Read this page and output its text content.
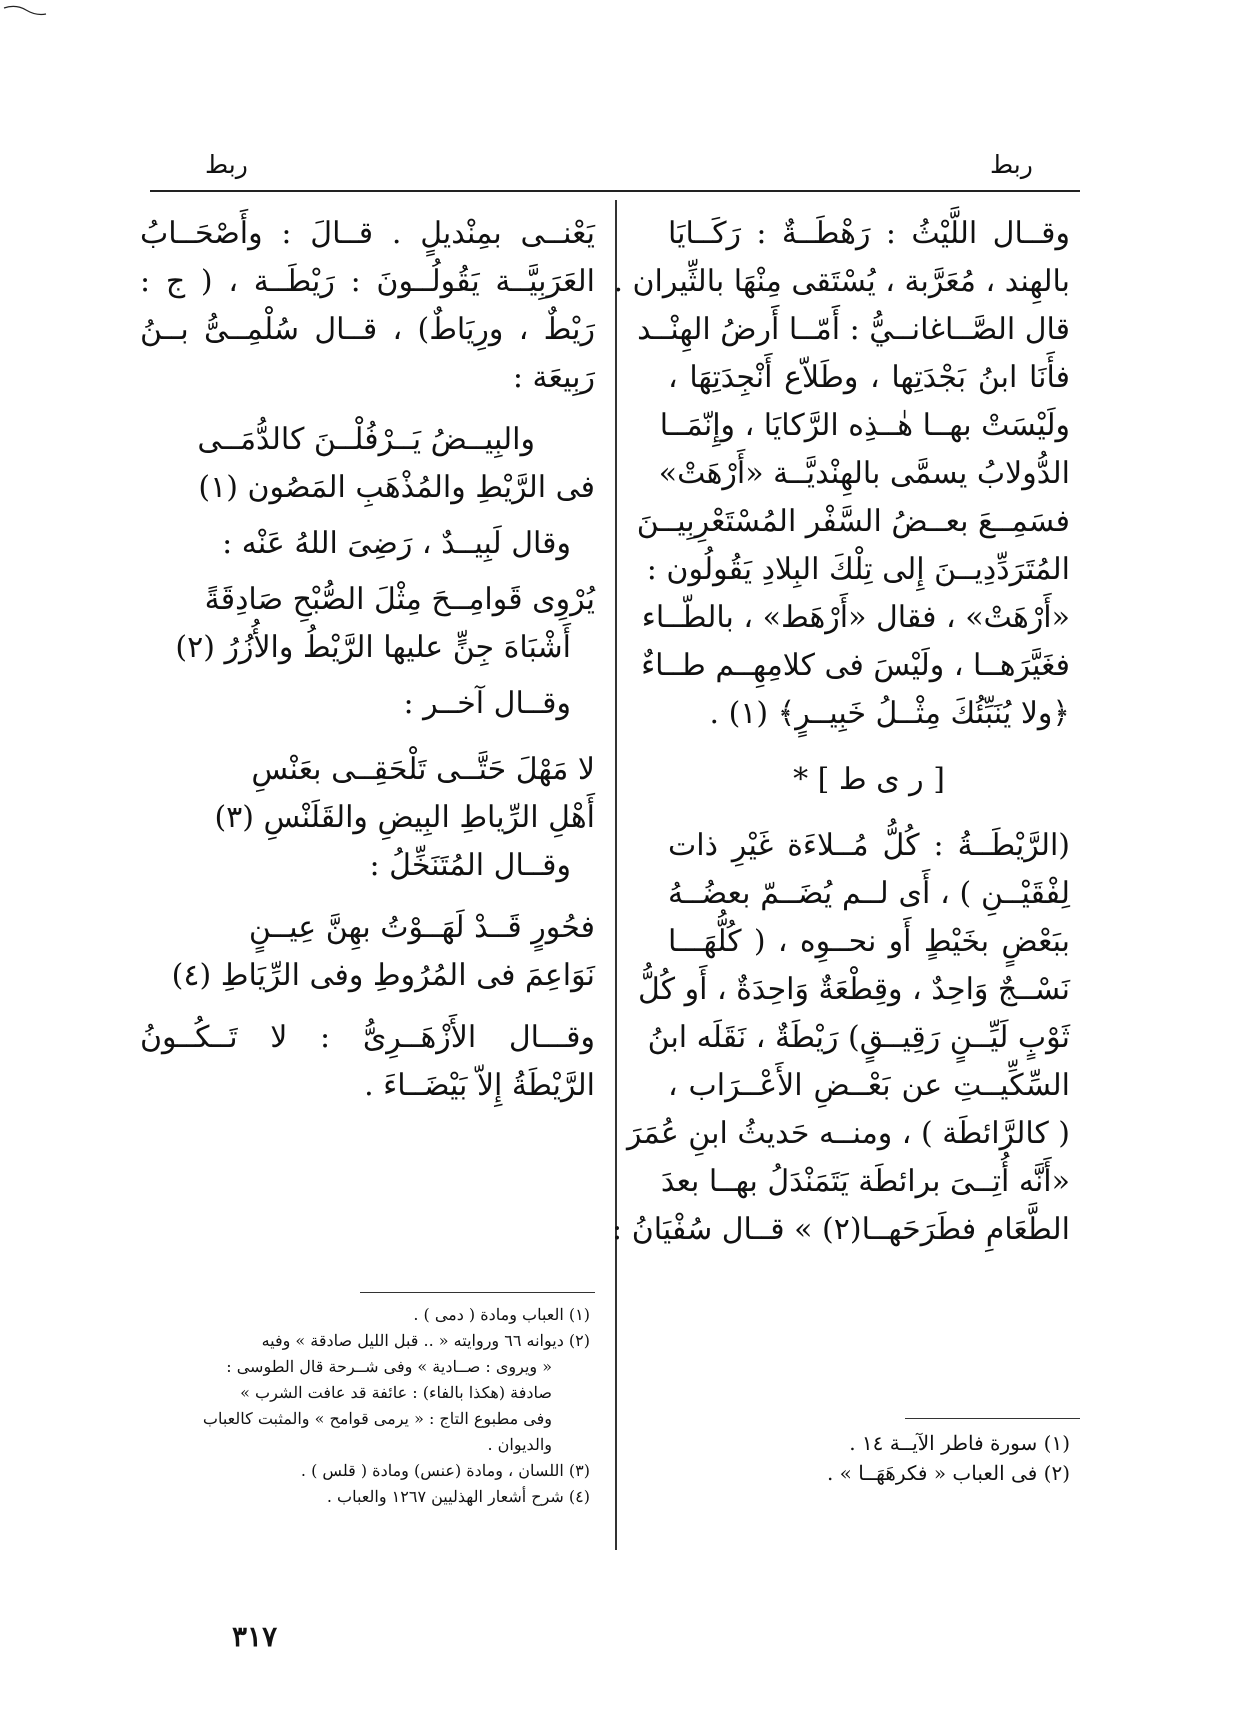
ربط
ربط
وقــال اللَّيْثُ : رَهْطَــةٌ : رَكَــايَا
بالهِند ، مُعَرَّبة ، يُسْتَقى مِنْهَا بالثِّيران .
قال الصَّــاغانــيُّ : أَمّــا أَرضُ الهِنْــد
فأَنَا ابنُ بَجْدَتِها ، وطَلاّع أَنْجِدَتِهَا ،
ولَيْسَتْ بهــا هٰــذِه الرَّكايَا ، وإِنّمَــا
الدُّولابُ يسمَّى بالهِنْديَّــة «أَرْهَتْ»
فسَمِــعَ بعــضُ السَّفْر المُسْتَعْرِبِيــنَ
المُتَرَدِّدِيــنَ إِلى تِلْكَ البِلادِ يَقُولُون :
«أَرْهَتْ» ، فقال «أَرْهَط» ، بالطّــاء
فغَيَّرَهــا ، ولَيْسَ فى كلامِهِــم طــاءٌ
﴿ولا يُنَبِّئُكَ مِثْــلُ خَبِيــرٍ﴾ (١) .
[ ر ى ط ] *
(الرَّيْطَــةُ : كُلُّ مُــلاءَة غَيْرِ ذات
لِفْقَيْــنِ ) ، أَى لــم يُضَــمّ بعضُــهُ
ببَعْضٍ بخَيْطٍ أَو نحــوِه ، ( كُلُّهَـــا
نَسْــجٌ وَاحِدٌ ، وقِطْعَةٌ وَاحِدَةٌ ، أَو كُلُّ
ثَوْبٍ لَيِّــنٍ رَقِيــقٍ) رَيْطَةٌ ، نَقَلَه ابنُ
السِّكِّيــتِ عن بَعْــضِ الأَعْــرَاب ،
( كالرَّائطَة ) ، ومنــه حَديثُ ابنِ عُمَرَ
«أَنَّه أُتِــىَ برائطَة يَتَمَنْدَلُ بهــا بعدَ
الطَّعَامِ فطَرَحَهــا(٢) » قــال سُفْيَانُ :
يَعْنــى بمِنْديلٍ . قــالَ : وأَصْحَــابُ
العَرَبِيَّــة يَقُولُــونَ : رَيْطَــة ، ( ج :
رَيْطٌ ، ورِيَاطٌ) ، قــال سُلْمِــىُّ بــنُ
رَبِيعَة :
والبِيــضُ يَــرْفُلْــنَ كالدُّمَــى
فى الرَّيْطِ والمُذْهَبِ المَصُون (١)
وقال لَبِيــدٌ ، رَضِىَ اللهُ عَنْه :
يُرْوِى قَوامِــحَ مِثْلَ الصُّبْحِ صَادِقَةً
أَشْبَاهَ جِنٍّ عليها الرَّيْطُ والأُزُرُ (٢)
وقــال آخــر :
لا مَهْلَ حَتَّــى تَلْحَقِــى بعَنْسِ
أَهْلِ الرِّياطِ البِيضِ والقَلَنْسِ (٣)
وقــال المُتَنَخِّلُ :
فحُورٍ قَــدْ لَهَــوْتُ بهِنَّ عِيــنٍ
نَوَاعِمَ فى المُرُوطِ وفى الرِّيَاطِ (٤)
وقـــال الأَزْهَــرِىُّ : لا تَــكُــونُ
الرَّيْطَةُ إِلاّ بَيْضَــاءَ .
(١) العباب ومادة ( دمى ) .
(٢) ديوانه ٦٦ وروايته « .. قبل الليل صادقة » وفيه
« ويروى : صــادية » وفى شــرحة قال الطوسى :
صادفة (هكذا بالفاء) : عائفة قد عافت الشرب »
وفى مطبوع التاج : « يرمى قوامح » والمثبت كالعباب
والديوان .
(٣) اللسان ، ومادة (عنس) ومادة ( قلس ) .
(٤) شرح أشعار الهذليين ١٢٦٧ والعباب .
(١) سورة فاطر الآيــة ١٤ .
(٢) فى العباب « فكرهَهَــا » .
٣١٧
